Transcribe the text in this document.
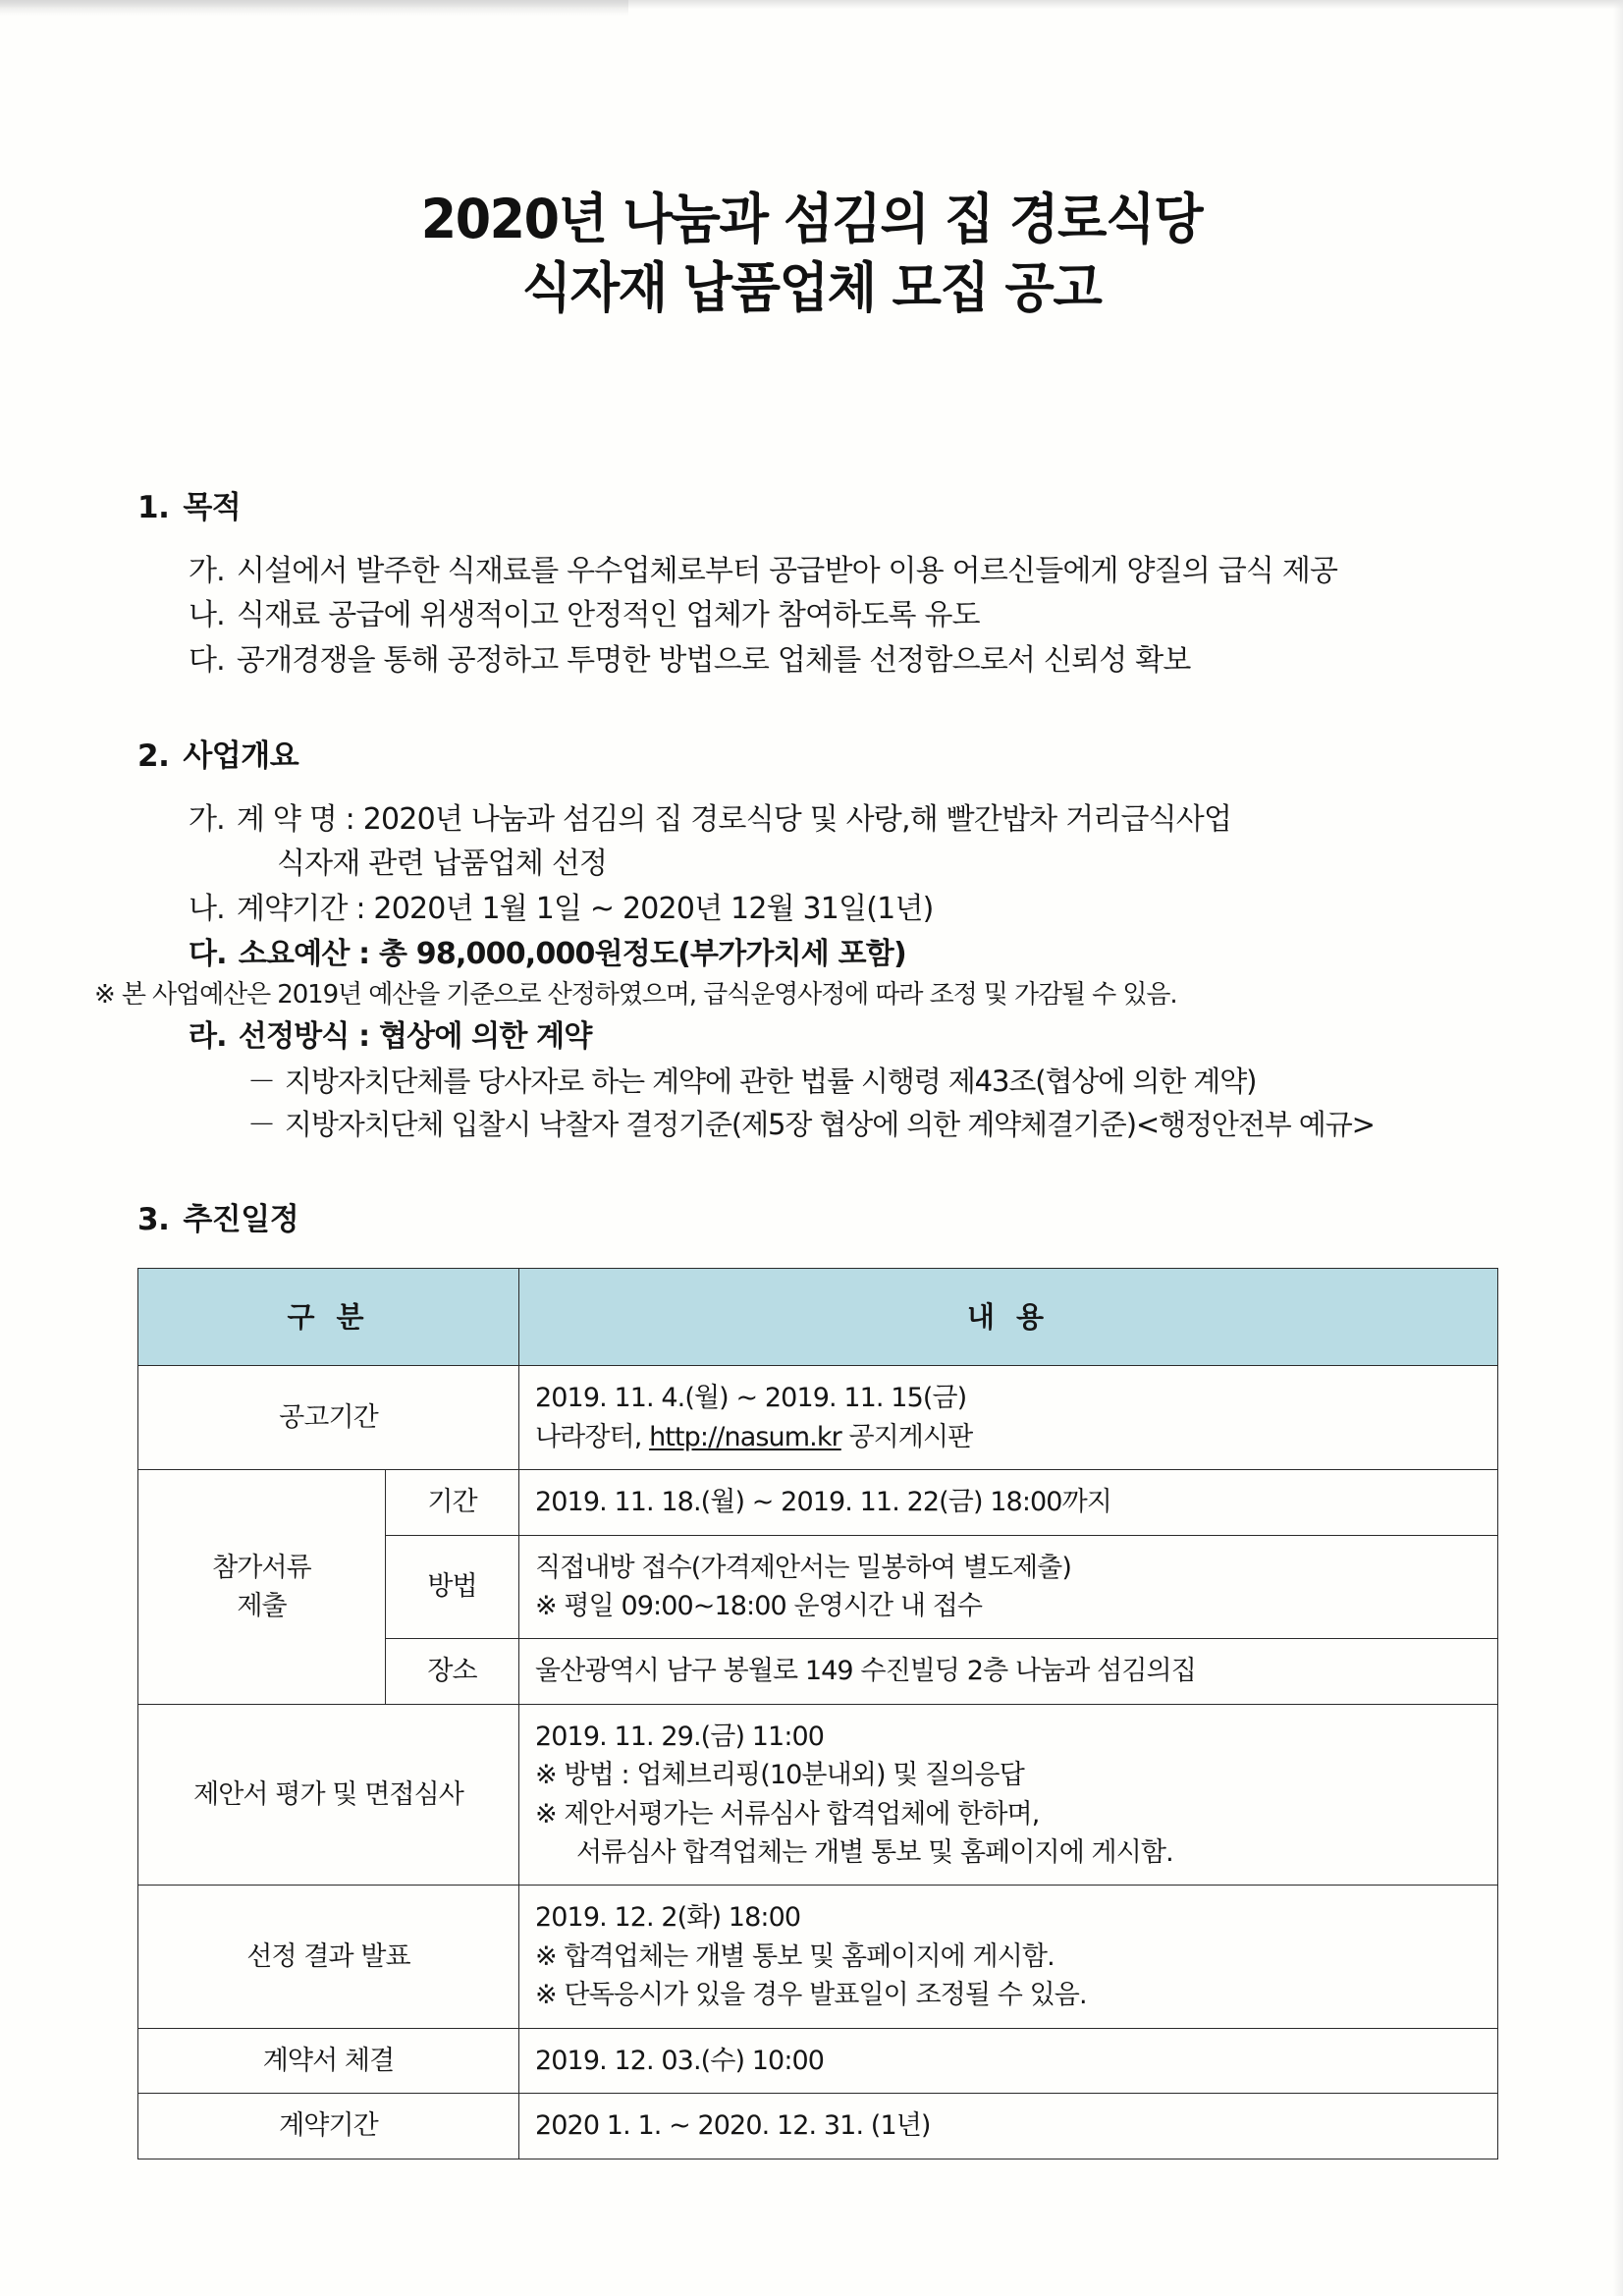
2020년 나눔과 섬김의 집 경로식당
식자재 납품업체 모집 공고
1. 목적
가. 시설에서 발주한 식재료를 우수업체로부터 공급받아 이용 어르신들에게 양질의 급식 제공
나. 식재료 공급에 위생적이고 안정적인 업체가 참여하도록 유도
다. 공개경쟁을 통해 공정하고 투명한 방법으로 업체를 선정함으로서 신뢰성 확보
2. 사업개요
가. 계 약 명 : 2020년 나눔과 섬김의 집 경로식당 및 사랑,해 빨간밥차 거리급식사업
식자재 관련 납품업체 선정
나. 계약기간 : 2020년 1월 1일 ~ 2020년 12월 31일(1년)
다. 소요예산 : 총 98,000,000원정도(부가가치세 포함)
※ 본 사업예산은 2019년 예산을 기준으로 산정하였으며, 급식운영사정에 따라 조정 및 가감될 수 있음.
라. 선정방식 : 협상에 의한 계약
－ 지방자치단체를 당사자로 하는 계약에 관한 법률 시행령 제43조(협상에 의한 계약)
－ 지방자치단체 입찰시 낙찰자 결정기준(제5장 협상에 의한 계약체결기준)<행정안전부 예규>
3. 추진일정
구 분		내 용
공고기간		2019. 11. 4.(월) ~ 2019. 11. 15(금)
나라장터, http://nasum.kr 공지게시판

참가서류
제출	기간	2019. 11. 18.(월) ~ 2019. 11. 22(금) 18:00까지

	방법	직접내방 접수(가격제안서는 밀봉하여 별도제출)
※ 평일 09:00~18:00 운영시간 내 접수

	장소	울산광역시 남구 봉월로 149 수진빌딩 2층 나눔과 섬김의집

제안서 평가 및 면접심사		2019. 11. 29.(금) 11:00
※ 방법 : 업체브리핑(10분내외) 및 질의응답
※ 제안서평가는 서류심사 합격업체에 한하며,
서류심사 합격업체는 개별 통보 및 홈페이지에 게시함.

선정 결과 발표		2019. 12. 2(화) 18:00
※ 합격업체는 개별 통보 및 홈페이지에 게시함.
※ 단독응시가 있을 경우 발표일이 조정될 수 있음.

계약서 체결		2019. 12. 03.(수) 10:00

계약기간		2020 1. 1. ~ 2020. 12. 31. (1년)
